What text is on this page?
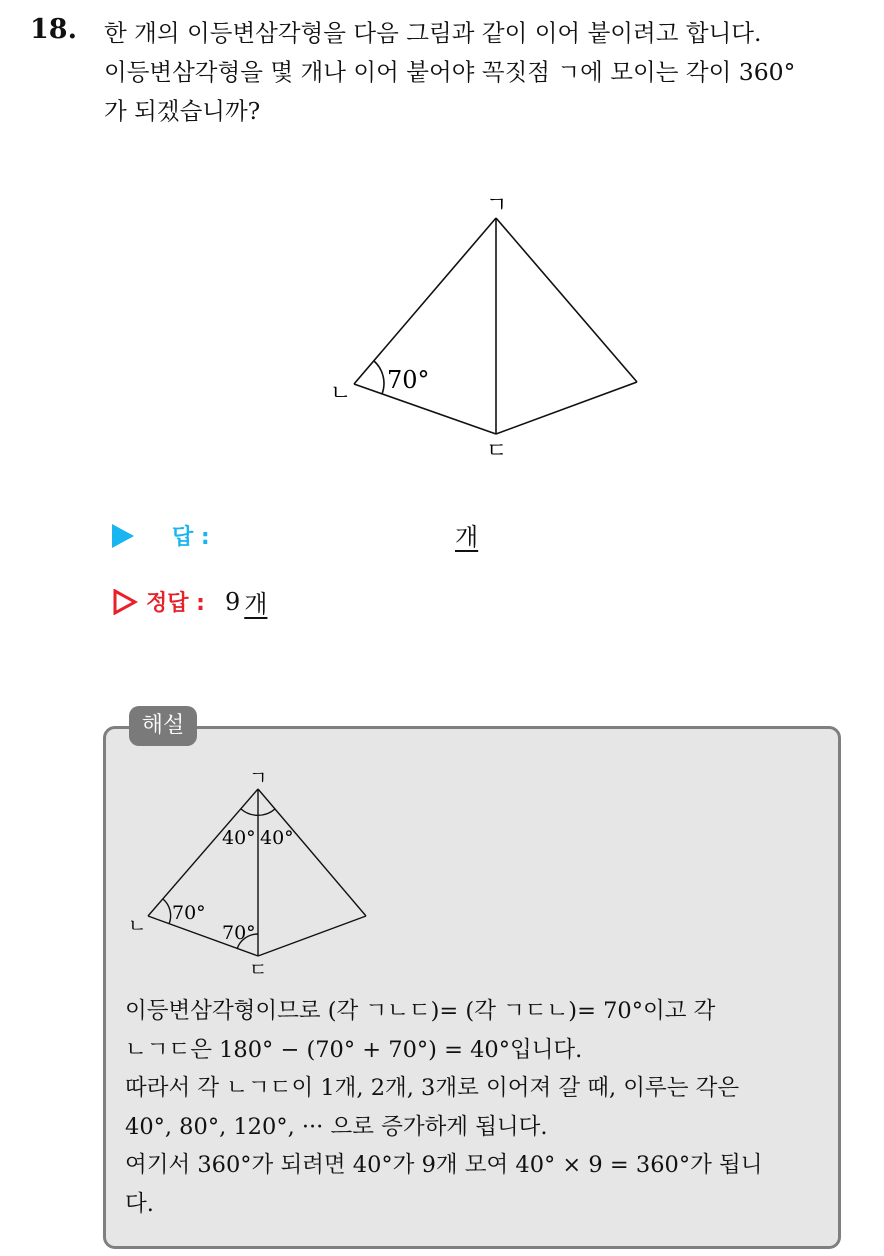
18. 한 개의 이등변삼각형을 다음 그림과 같이 이어 붙이려고 합니다.
이등변삼각형을 몇 개나 이어 붙어야 꼭짓점 ㄱ에 모이는 각이 360°
가 되겠습니까?
ㄱ
ㄴ
ㄷ
70°
답 :	개
정답 : 9 개
해설
ㄱ
ㄴ
ㄷ
40° 40°
70°
70°
이등변삼각형이므로 (각 ㄱㄴㄷ)= (각 ㄱㄷㄴ)= 70°이고 각
ㄴㄱㄷ은 180° − (70° + 70°) = 40°입니다.
따라서 각 ㄴㄱㄷ이 1개, 2개, 3개로 이어져 갈 때, 이루는 각은
40°, 80°, 120°, ··· 으로 증가하게 됩니다.
여기서 360°가 되려면 40°가 9개 모여 40° × 9 = 360°가 됩니
다.
